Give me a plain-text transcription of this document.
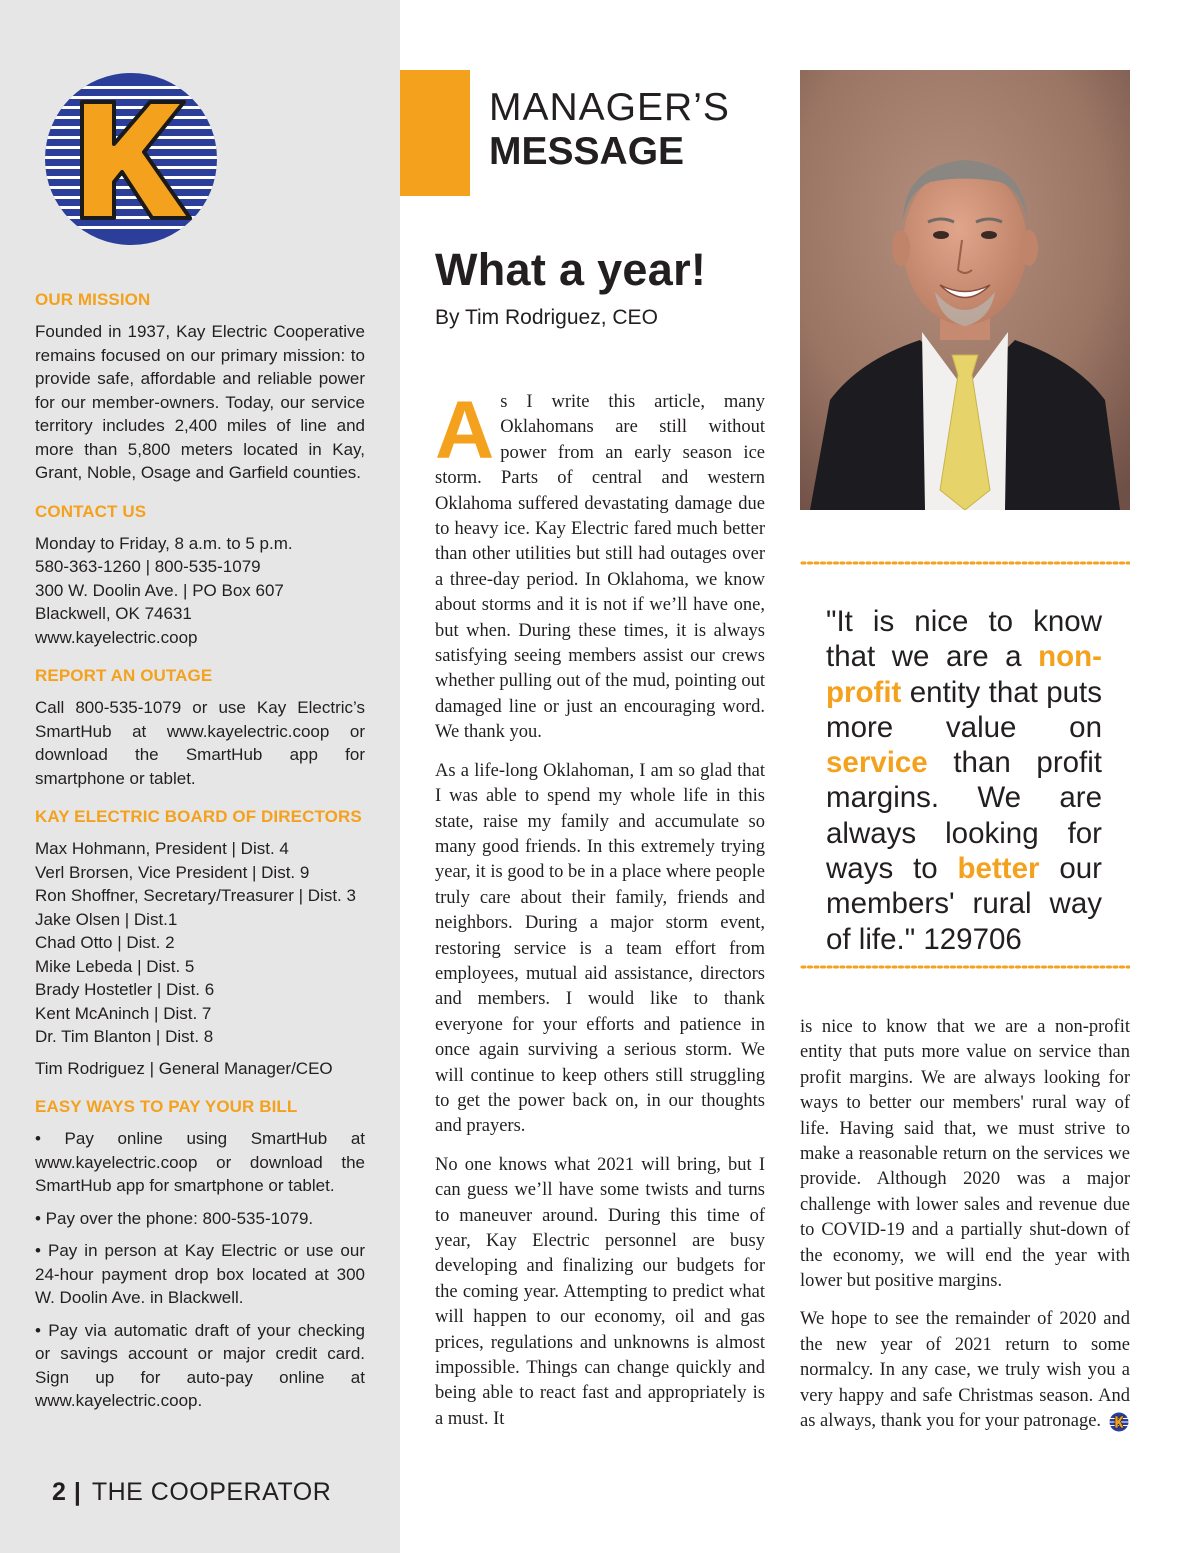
OUR MISSION
Founded in 1937, Kay Electric Cooperative remains focused on our primary mission: to provide safe, affordable and reliable power for our member-owners. Today, our service territory includes 2,400 miles of line and more than 5,800 meters located in Kay, Grant, Noble, Osage and Garfield counties.
CONTACT US
Monday to Friday, 8 a.m. to 5 p.m.
580-363-1260 | 800-535-1079
300 W. Doolin Ave. | PO Box 607
Blackwell, OK 74631
www.kayelectric.coop
REPORT AN OUTAGE
Call 800-535-1079 or use Kay Electric’s SmartHub at www.kayelectric.coop or download the SmartHub app for smartphone or tablet.
KAY ELECTRIC BOARD OF DIRECTORS
Max Hohmann, President | Dist. 4
Verl Brorsen, Vice President | Dist. 9
Ron Shoffner, Secretary/Treasurer | Dist. 3
Jake Olsen | Dist.1
Chad Otto | Dist. 2
Mike Lebeda | Dist. 5
Brady Hostetler | Dist. 6
Kent McAninch | Dist. 7
Dr. Tim Blanton | Dist. 8
Tim Rodriguez | General Manager/CEO
EASY WAYS TO PAY YOUR BILL
• Pay online using SmartHub at www.kayelectric.coop or download the SmartHub app for smartphone or tablet.
• Pay over the phone: 800-535-1079.
• Pay in person at Kay Electric or use our 24-hour payment drop box located at 300 W. Doolin Ave. in Blackwell.
• Pay via automatic draft of your checking or savings account or major credit card. Sign up for auto-pay online at www.kayelectric.coop.
2 | THE COOPERATOR
MANAGER’S
MESSAGE
What a year!
By Tim Rodriguez, CEO

As I write this article, many Oklahomans are still without power from an early season ice storm. Parts of central and western Oklahoma suffered devastating damage due to heavy ice. Kay Electric fared much better than other utilities but still had outages over a three-day period. In Oklahoma, we know about storms and it is not if we’ll have one, but when. During these times, it is always satisfying seeing members assist our crews whether pulling out of the mud, pointing out damaged line or just an encouraging word. We thank you.

As a life-long Oklahoman, I am so glad that I was able to spend my whole life in this state, raise my family and accumulate so many good friends. In this extremely trying year, it is good to be in a place where people truly care about their family, friends and neighbors. During a major storm event, restoring service is a team effort from employees, mutual aid assistance, directors and members. I would like to thank everyone for your efforts and patience in once again surviving a serious storm. We will continue to keep others still struggling to get the power back on, in our thoughts and prayers.

No one knows what 2021 will bring, but I can guess we’ll have some twists and turns to maneuver around. During this time of year, Kay Electric personnel are busy developing and finalizing our budgets for the coming year. Attempting to predict what will happen to our economy, oil and gas prices, regulations and unknowns is almost impossible. Things can change quickly and being able to react fast and appropriately is a must. It

"It is nice to know that we are a non-profit entity that puts more value on service than profit margins. We are always looking for ways to better our members' rural way of life." 129706

is nice to know that we are a non-profit entity that puts more value on service than profit margins. We are always looking for ways to better our members' rural way of life. Having said that, we must strive to make a reasonable return on the services we provide. Although 2020 was a major challenge with lower sales and revenue due to COVID-19 and a partially shut-down of the economy, we will end the year with lower but positive margins.

We hope to see the remainder of 2020 and the new year of 2021 return to some normalcy. In any case, we truly wish you a very happy and safe Christmas season. And as always, thank you for your patronage.
